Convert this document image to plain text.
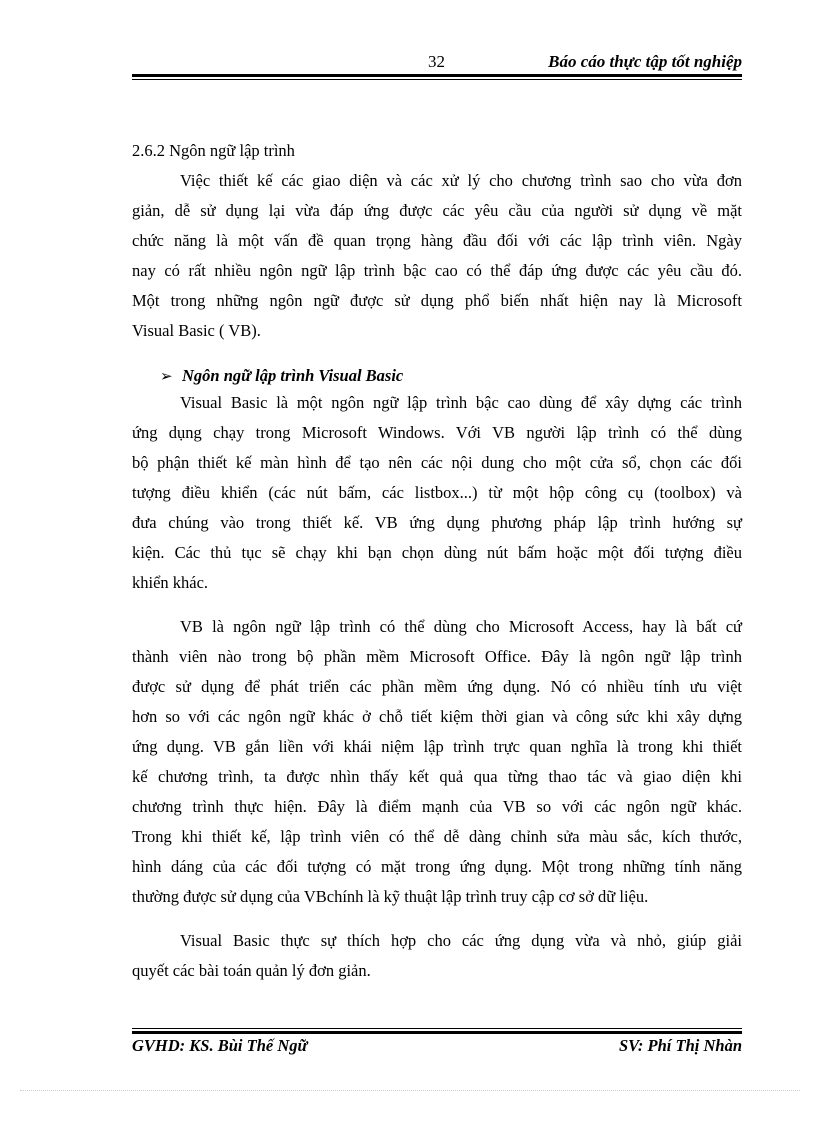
32	Báo cáo thực tập tốt nghiệp
2.6.2 Ngôn ngữ lập trình
Việc thiết kế các giao diện và các xử lý cho chương trình sao cho vừa đơn
giản, dễ sử dụng lại vừa đáp ứng được các yêu cầu của người sử dụng về mặt
chức năng là một vấn đề quan trọng hàng đầu đối với các lập trình viên. Ngày
nay có rất nhiều ngôn ngữ lập trình bậc cao có thể đáp ứng được các yêu cầu đó.
Một trong những ngôn ngữ được sử dụng phổ biến nhất hiện nay là Microsoft
Visual Basic ( VB).
➢ Ngôn ngữ lập trình Visual Basic
Visual Basic là một ngôn ngữ lập trình bậc cao dùng để xây dựng các trình
ứng dụng chạy trong Microsoft Windows. Với VB người lập trình có thể dùng
bộ phận thiết kế màn hình để tạo nên các nội dung cho một cửa sổ, chọn các đối
tượng điều khiển (các nút bấm, các listbox...) từ một hộp công cụ (toolbox) và
đưa chúng vào trong thiết kế. VB ứng dụng phương pháp lập trình hướng sự
kiện. Các thủ tục sẽ chạy khi bạn chọn dùng nút bấm hoặc một đối tượng điều
khiển khác.
VB là ngôn ngữ lập trình có thể dùng cho Microsoft Access, hay là bất cứ
thành viên nào trong bộ phần mềm Microsoft Office. Đây là ngôn ngữ lập trình
được sử dụng để phát triển các phần mềm ứng dụng. Nó có nhiều tính ưu việt
hơn so với các ngôn ngữ khác ở chỗ tiết kiệm thời gian và công sức khi xây dựng
ứng dụng. VB gắn liền với khái niệm lập trình trực quan nghĩa là trong khi thiết
kế chương trình, ta được nhìn thấy kết quả qua từng thao tác và giao diện khi
chương trình thực hiện. Đây là điểm mạnh của VB so với các ngôn ngữ khác.
Trong khi thiết kế, lập trình viên có thể dễ dàng chỉnh sửa màu sắc, kích thước,
hình dáng của các đối tượng có mặt trong ứng dụng. Một trong những tính năng
thường được sử dụng của VBchính là kỹ thuật lập trình truy cập cơ sở dữ liệu.
Visual Basic thực sự thích hợp cho các ứng dụng vừa và nhỏ, giúp giải
quyết các bài toán quản lý đơn giản.
GVHD: KS. Bùi Thế Ngữ	SV: Phí Thị Nhàn
